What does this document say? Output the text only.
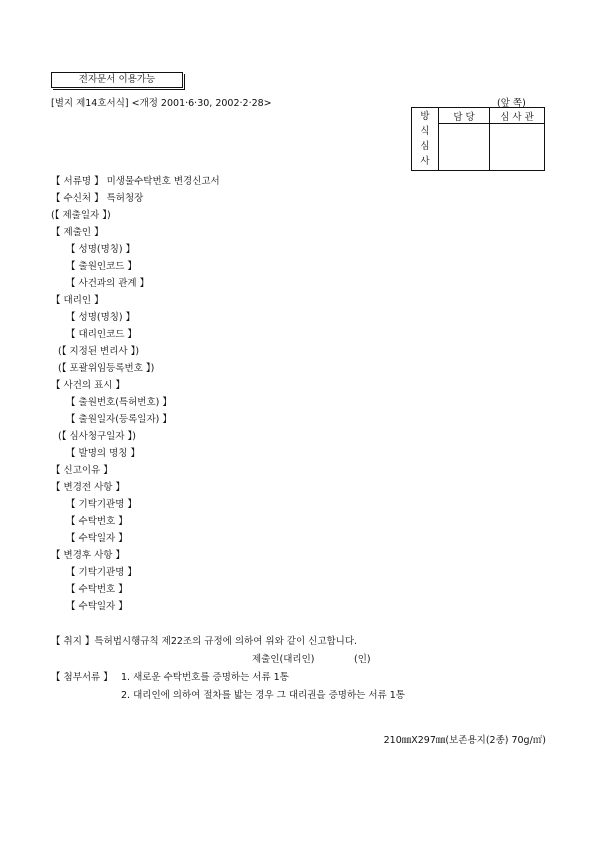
전자문서 이용가능
[별지 제14호서식] <개정 2001·6·30, 2002·2·28>	(앞 쪽)
방
식
심
사	담 당	심 사 관

【 서류명 】 미생물수탁번호 변경신고서
【 수신처 】 특허청장
(【 제출일자 】)
【 제출인 】
【 성명(명칭) 】
【 출원인코드 】
【 사건과의 관계 】
【 대리인 】
【 성명(명칭) 】
【 대리인코드 】
(【 지정된 변리사 】)
(【 포괄위임등록번호 】)
【 사건의 표시 】
【 출원번호(특허번호) 】
【 출원일자(등록일자) 】
(【 심사청구일자 】)
【 발명의 명칭 】
【 신고이유 】
【 변경전 사항 】
【 기탁기관명 】
【 수탁번호 】
【 수탁일자 】
【 변경후 사항 】
【 기탁기관명 】
【 수탁번호 】
【 수탁일자 】
【 취지 】특허법시행규칙 제22조의 규정에 의하여 위와 같이 신고합니다.
제출인(대리인)	(인)
【 첨부서류 】 1. 새로운 수탁번호를 증명하는 서류 1통
2. 대리인에 의하여 절차를 밟는 경우 그 대리권을 증명하는 서류 1통
210㎜X297㎜(보존용지(2종) 70g/㎡)
